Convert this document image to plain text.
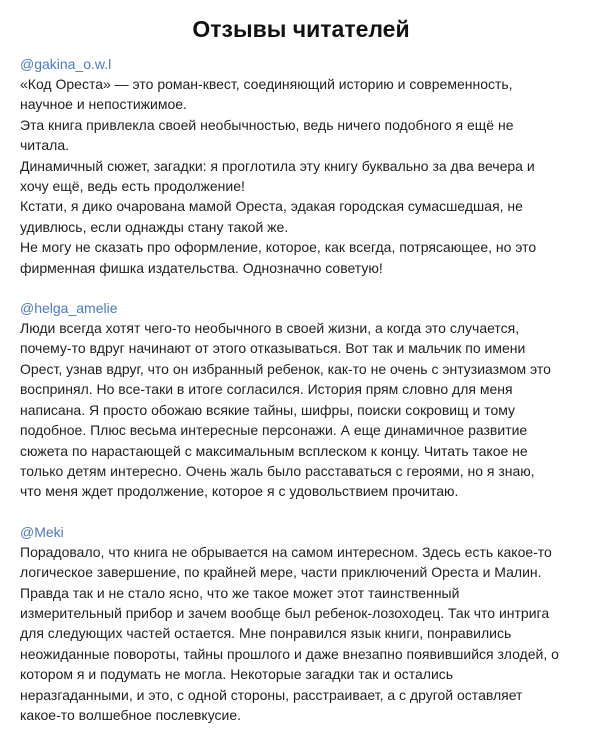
Отзывы читателей

@gakina_o.w.l

«Код Ореста» — это роман-квест, соединяющий историю и современность,

научное и непостижимое.

Эта книга привлекла своей необычностью, ведь ничего подобного я ещё не

читала.

Динамичный сюжет, загадки: я проглотила эту книгу буквально за два вечера и

хочу ещё, ведь есть продолжение!

Кстати, я дико очарована мамой Ореста, эдакая городская сумасшедшая, не

удивлюсь, если однажды стану такой же.

Не могу не сказать про оформление, которое, как всегда, потрясающее, но это

фирменная фишка издательства. Однозначно советую!

@helga_amelie

Люди всегда хотят чего-то необычного в своей жизни, а когда это случается,

почему-то вдруг начинают от этого отказываться. Вот так и мальчик по имени

Орест, узнав вдруг, что он избранный ребенок, как-то не очень с энтузиазмом это

воспринял. Но все-таки в итоге согласился. История прям словно для меня

написана. Я просто обожаю всякие тайны, шифры, поиски сокровищ и тому

подобное. Плюс весьма интересные персонажи. А еще динамичное развитие

сюжета по нарастающей с максимальным всплеском к концу. Читать такое не

только детям интересно. Очень жаль было расставаться с героями, но я знаю,

что меня ждет продолжение, которое я с удовольствием прочитаю.

@Meki

Порадовало, что книга не обрывается на самом интересном. Здесь есть какое-то

логическое завершение, по крайней мере, части приключений Ореста и Малин.

Правда так и не стало ясно, что же такое может этот таинственный

измерительный прибор и зачем вообще был ребенок-лозоходец. Так что интрига

для следующих частей остается. Мне понравился язык книги, понравились

неожиданные повороты, тайны прошлого и даже внезапно появившийся злодей, о

котором я и подумать не могла. Некоторые загадки так и остались

неразгаданными, и это, с одной стороны, расстраивает, а с другой оставляет

какое-то волшебное послевкусие.
